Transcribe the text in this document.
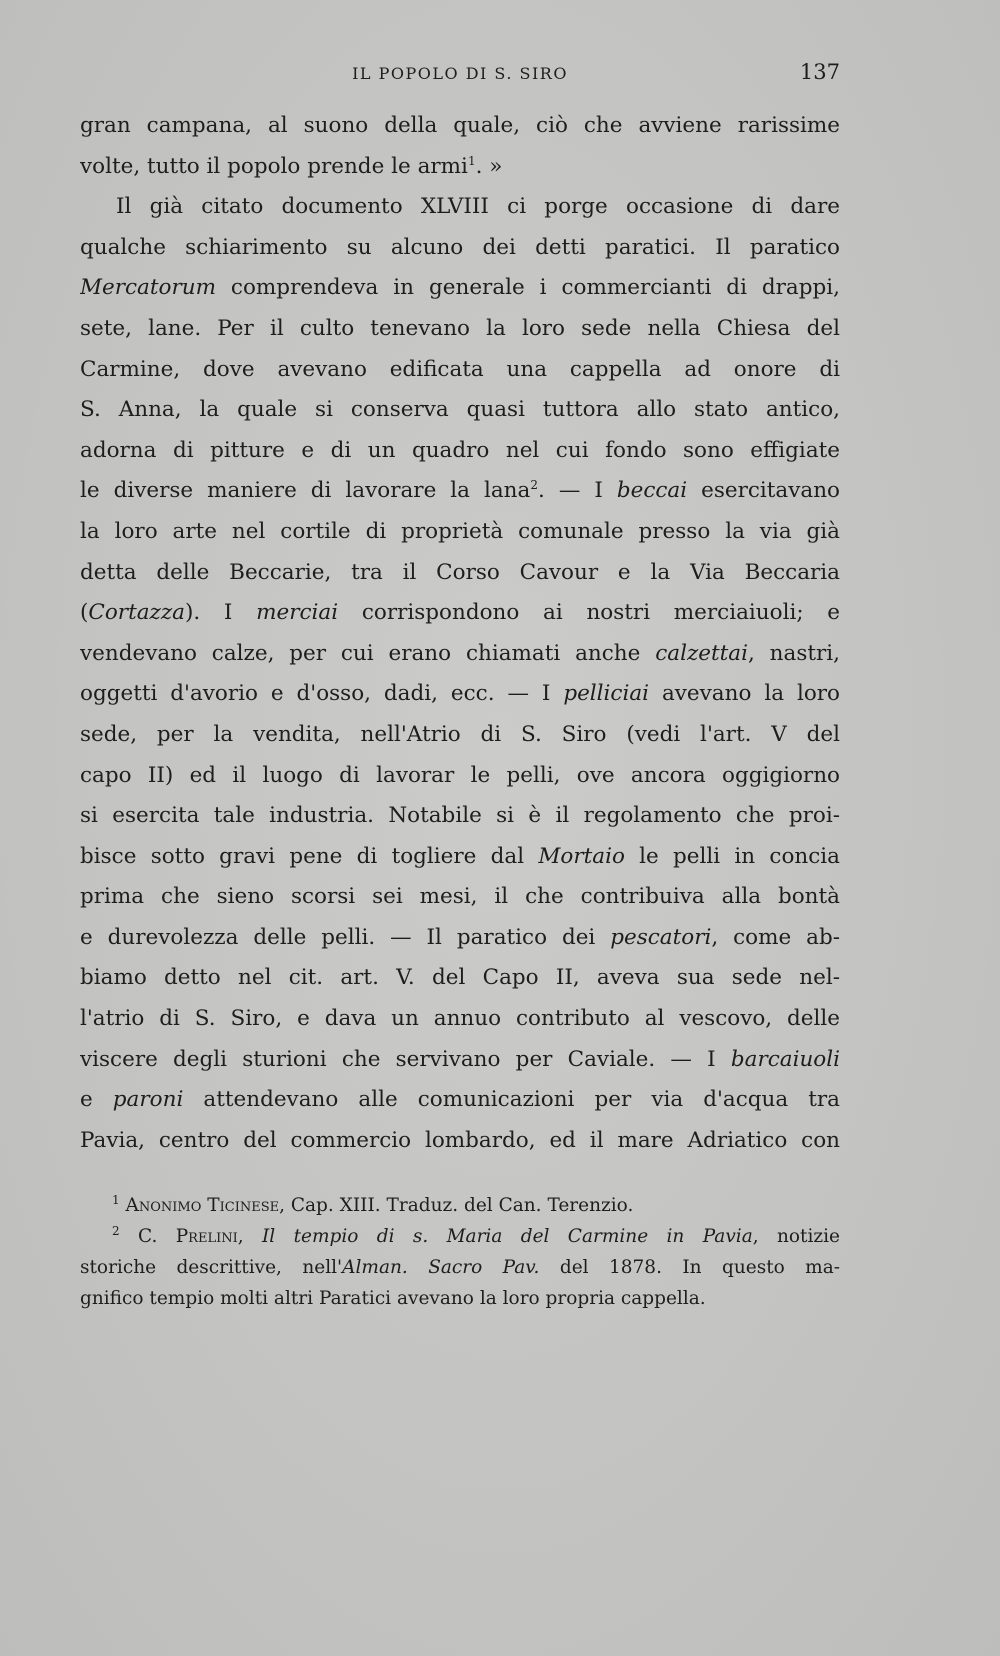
IL POPOLO DI S. SIRO	137
gran campana, al suono della quale, ciò che avviene rarissime
volte, tutto il popolo prende le armi$^1$. »
Il già citato documento XLVIII ci porge occasione di dare
qualche schiarimento su alcuno dei detti paratici. Il paratico
Mercatorum comprendeva in generale i commercianti di drappi,
sete, lane. Per il culto tenevano la loro sede nella Chiesa del
Carmine, dove avevano edificata una cappella ad onore di
S. Anna, la quale si conserva quasi tuttora allo stato antico,
adorna di pitture e di un quadro nel cui fondo sono effigiate
le diverse maniere di lavorare la lana$^2$. — I beccai esercitavano
la loro arte nel cortile di proprietà comunale presso la via già
detta delle Beccarie, tra il Corso Cavour e la Via Beccaria
(Cortazza). I merciai corrispondono ai nostri merciaiuoli; e
vendevano calze, per cui erano chiamati anche calzettai, nastri,
oggetti d'avorio e d'osso, dadi, ecc. — I pelliciai avevano la loro
sede, per la vendita, nell'Atrio di S. Siro (vedi l'art. V del
capo II) ed il luogo di lavorar le pelli, ove ancora oggigiorno
si esercita tale industria. Notabile si è il regolamento che proi-
bisce sotto gravi pene di togliere dal Mortaio le pelli in concia
prima che sieno scorsi sei mesi, il che contribuiva alla bontà
e durevolezza delle pelli. — Il paratico dei pescatori, come ab-
biamo detto nel cit. art. V. del Capo II, aveva sua sede nel-
l'atrio di S. Siro, e dava un annuo contributo al vescovo, delle
viscere degli sturioni che servivano per Caviale. — I barcaiuoli
e paroni attendevano alle comunicazioni per via d'acqua tra
Pavia, centro del commercio lombardo, ed il mare Adriatico con
$^1$ Anonimo Ticinese, Cap. XIII. Traduz. del Can. Terenzio.
$^2$ C. Prelini, Il tempio di s. Maria del Carmine in Pavia, notizie
storiche descrittive, nell'Alman. Sacro Pav. del 1878. In questo ma-
gnifico tempio molti altri Paratici avevano la loro propria cappella.
